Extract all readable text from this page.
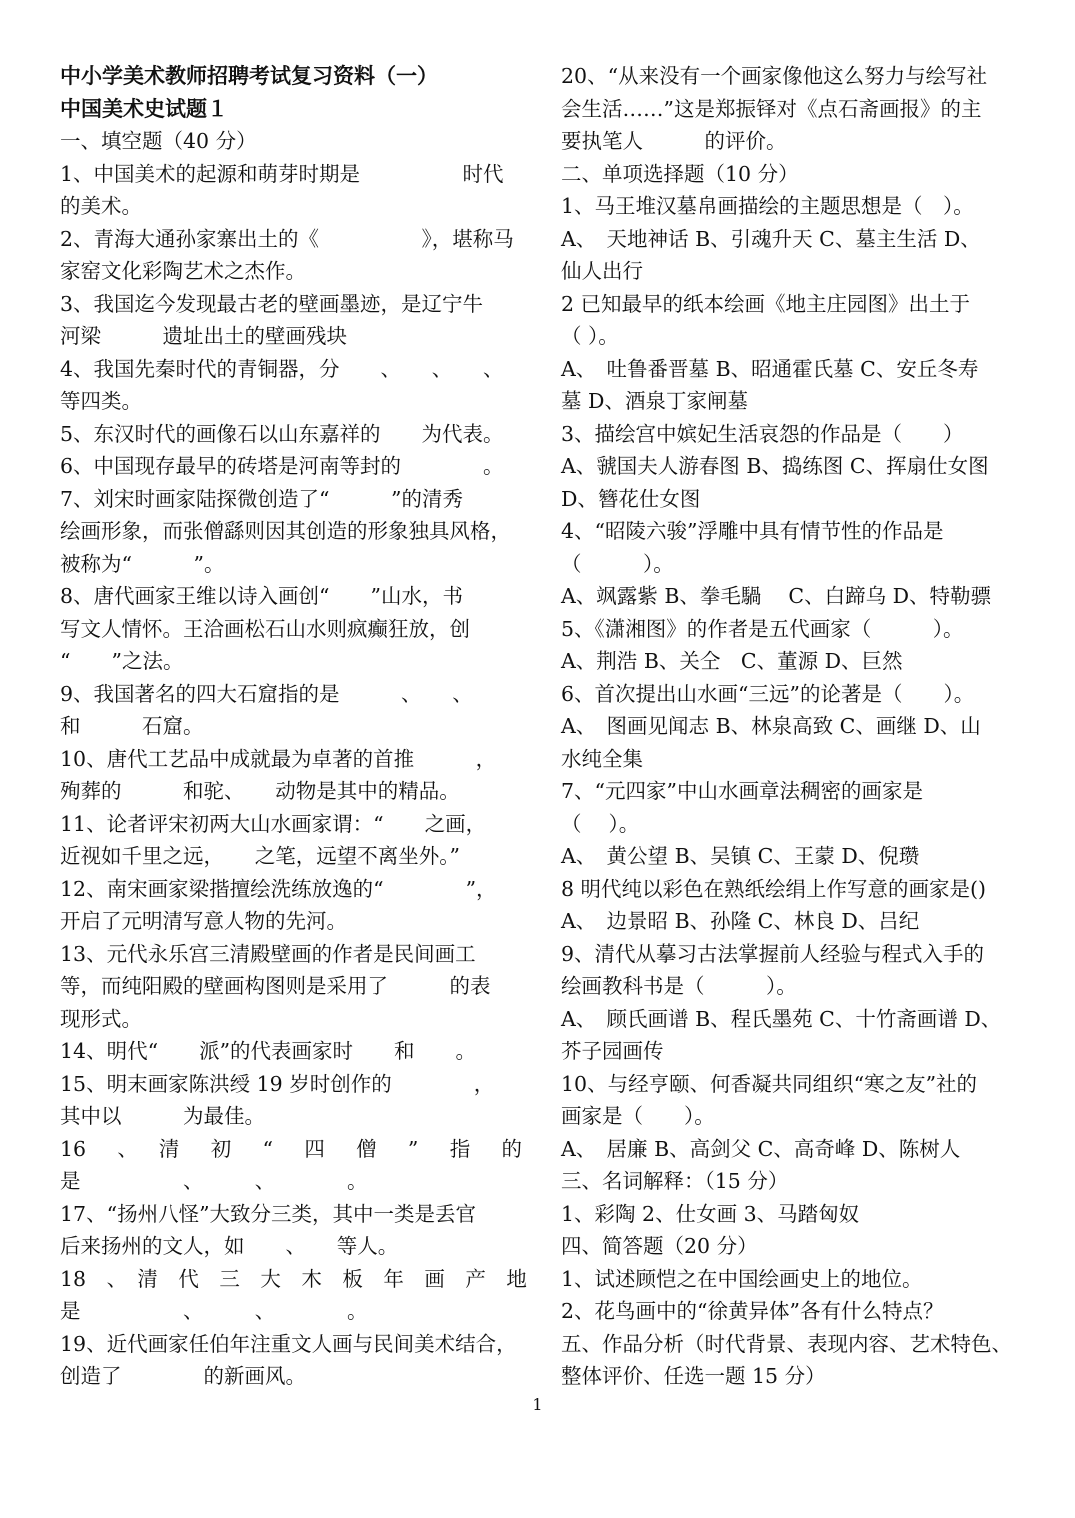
中小学美术教师招聘考试复习资料（一）
中国美术史试题１
一、填空题（40 分）
1、中国美术的起源和萌芽时期是　　　　　时代
的美术。
2、青海大通孙家寨出土的《　　　　　》，堪称马
家窑文化彩陶艺术之杰作。
3、我国迄今发现最古老的壁画墨迹，是辽宁牛
河梁　　　遗址出土的壁画残块
4、我国先秦时代的青铜器，分　　、　　、　　、
等四类。
5、东汉时代的画像石以山东嘉祥的　　为代表。
6、中国现存最早的砖塔是河南等封的　　　　。
7、刘宋时画家陆探微创造了“　　　”的清秀
绘画形象，而张僧繇则因其创造的形象独具风格，
被称为“　　　”。
8、唐代画家王维以诗入画创“　　”山水，书
写文人情怀。王洽画松石山水则疯癫狂放，创
“　　”之法。
9、我国著名的四大石窟指的是　　　、　　、
和　　　石窟。
10、唐代工艺品中成就最为卓著的首推　　　，
殉葬的　　　和驼、　　动物是其中的精品。
11、论者评宋初两大山水画家谓：“　　之画，
近视如千里之远，　　之笔，远望不离坐外。”
12、南宋画家梁揩擅绘洗练放逸的“　　　　”，
开启了元明清写意人物的先河。
13、元代永乐宫三清殿壁画的作者是民间画工
等，而纯阳殿的壁画构图则是采用了　　　的表
现形式。
14、明代“　　派”的代表画家时　　和　　。
15、明末画家陈洪绶 19 岁时创作的　　　　，
其中以　　　为最佳。
16　、　清　初　“　四　僧　”　指　的
是　　　　　、　　　、　　　　。
17、“扬州八怪”大致分三类，其中一类是丢官
后来扬州的文人，如　　、　　等人。
18　、　清　代　三　大　木　板　年　画　产　地
是　　　　　、　　　、　　　　。
19、近代画家任伯年注重文人画与民间美术结合，
创造了　　　　的新画风。
20、“从来没有一个画家像他这么努力与绘写社
会生活……”这是郑振铎对《点石斋画报》的主
要执笔人　　　的评价。
二、单项选择题（10 分）
1、马王堆汉墓帛画描绘的主题思想是（　）。
A、　天地神话 B、引魂升天 C、墓主生活 D、
仙人出行
2 已知最早的纸本绘画《地主庄园图》出土于
（ ）。
A、　吐鲁番晋墓 B、昭通霍氏墓 C、安丘冬寿
墓 D、酒泉丁家闸墓
3、描绘宫中嫔妃生活哀怨的作品是（　　）
A、虢国夫人游春图 B、捣练图 C、挥扇仕女图
D、簪花仕女图
4、“昭陵六骏”浮雕中具有情节性的作品是
（　　　）。
A、飒露紫 B、拳毛騧　 C、白蹄乌 D、特勒骠
5、《潇湘图》的作者是五代画家（　　　）。
A、荆浩 B、关仝　C、董源 D、巨然
6、首次提出山水画“三远”的论著是（　　）。
A、　图画见闻志 B、林泉高致 C、画继 D、山
水纯全集
7、“元四家”中山水画章法稠密的画家是
（　 ）。
A、　黄公望 B、吴镇 C、王蒙 D、倪瓒
8 明代纯以彩色在熟纸绘绢上作写意的画家是()
A、　边景昭 B、孙隆 C、林良 D、吕纪
9、清代从摹习古法掌握前人经验与程式入手的
绘画教科书是（　　　）。
A、　顾氏画谱 B、程氏墨苑 C、十竹斋画谱 D、
芥子园画传
10、与经亨颐、何香凝共同组织“寒之友”社的
画家是（　　）。
A、　居廉 B、高剑父 C、高奇峰 D、陈树人
三、名词解释：（15 分）
1、彩陶 2、仕女画 3、马踏匈奴
四、简答题（20 分）
1、试述顾恺之在中国绘画史上的地位。
2、花鸟画中的“徐黄异体”各有什么特点？
五、作品分析（时代背景、表现内容、艺术特色、
整体评价、任选一题 15 分）
1
